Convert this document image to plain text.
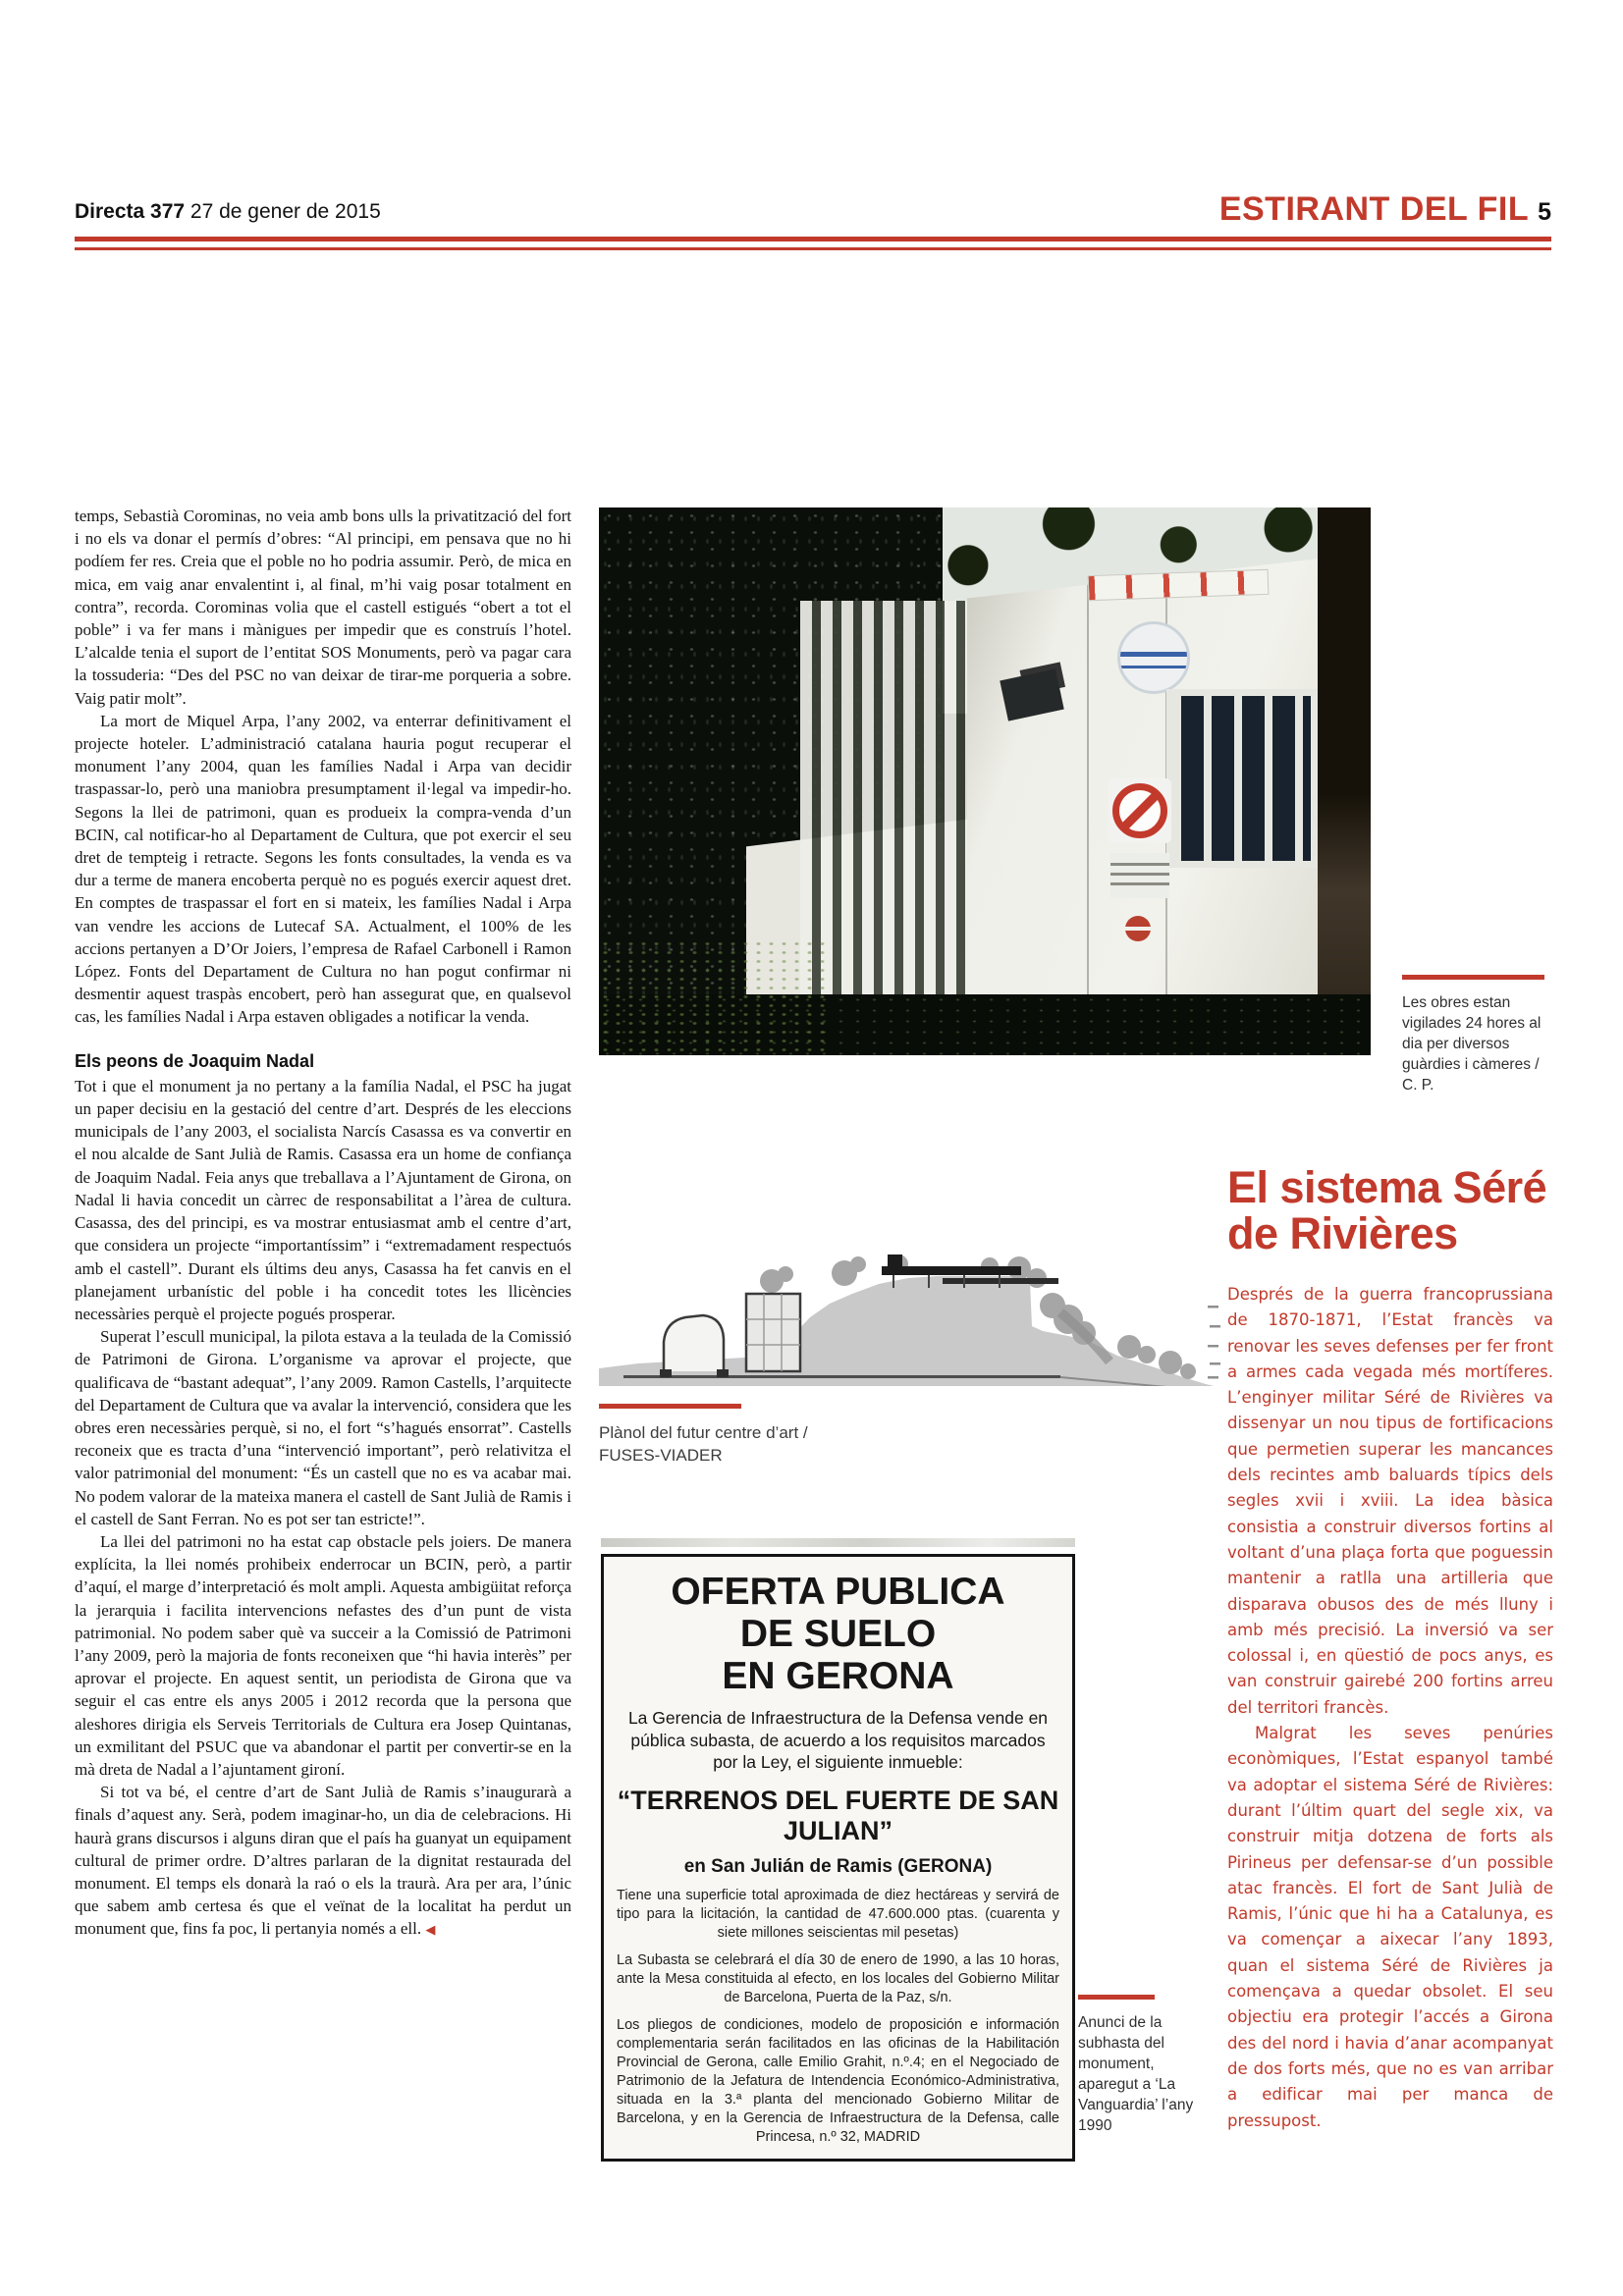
Directa 377 27 de gener de 2015	ESTIRANT DEL FIL 5

temps, Sebastià Corominas, no veia amb bons ulls la privatització del fort i no els va donar el permís d’obres: “Al principi, em pensava que no hi podíem fer res. Creia que el poble no ho podria assumir. Però, de mica en mica, em vaig anar envalentint i, al final, m’hi vaig posar totalment en contra”, recorda. Corominas volia que el castell estigués “obert a tot el poble” i va fer mans i mànigues per impedir que es construís l’hotel. L’alcalde tenia el suport de l’entitat SOS Monuments, però va pagar cara la tossuderia: “Des del PSC no van deixar de tirar-me porqueria a sobre. Vaig patir molt”.

La mort de Miquel Arpa, l’any 2002, va enterrar definitivament el projecte hoteler. L’administració catalana hauria pogut recuperar el monument l’any 2004, quan les famílies Nadal i Arpa van decidir traspassar-lo, però una maniobra presumptament il·legal va impedir-ho. Segons la llei de patrimoni, quan es produeix la compra-venda d’un BCIN, cal notificar-ho al Departament de Cultura, que pot exercir el seu dret de tempteig i retracte. Segons les fonts consultades, la venda es va dur a terme de manera encoberta perquè no es pogués exercir aquest dret. En comptes de traspassar el fort en si mateix, les famílies Nadal i Arpa van vendre les accions de Lutecaf SA. Actualment, el 100% de les accions pertanyen a D’Or Joiers, l’empresa de Rafael Carbonell i Ramon López. Fonts del Departament de Cultura no han pogut confirmar ni desmentir aquest traspàs encobert, però han assegurat que, en qualsevol cas, les famílies Nadal i Arpa estaven obligades a notificar la venda.

Els peons de Joaquim Nadal

Tot i que el monument ja no pertany a la família Nadal, el PSC ha jugat un paper decisiu en la gestació del centre d’art. Després de les eleccions municipals de l’any 2003, el socialista Narcís Casassa es va convertir en el nou alcalde de Sant Julià de Ramis. Casassa era un home de confiança de Joaquim Nadal. Feia anys que treballava a l’Ajuntament de Girona, on Nadal li havia concedit un càrrec de responsabilitat a l’àrea de cultura. Casassa, des del principi, es va mostrar entusiasmat amb el centre d’art, que considera un projecte “importantíssim” i “extremadament respectuós amb el castell”. Durant els últims deu anys, Casassa ha fet canvis en el planejament urbanístic del poble i ha concedit totes les llicències necessàries perquè el projecte pogués prosperar.

Superat l’escull municipal, la pilota estava a la teulada de la Comissió de Patrimoni de Girona. L’organisme va aprovar el projecte, que qualificava de “bastant adequat”, l’any 2009. Ramon Castells, l’arquitecte del Departament de Cultura que va avalar la intervenció, considera que les obres eren necessàries perquè, si no, el fort “s’hagués ensorrat”. Castells reconeix que es tracta d’una “intervenció important”, però relativitza el valor patrimonial del monument: “És un castell que no es va acabar mai. No podem valorar de la mateixa manera el castell de Sant Julià de Ramis i el castell de Sant Ferran. No es pot ser tan estricte!”.

La llei del patrimoni no ha estat cap obstacle pels joiers. De manera explícita, la llei només prohibeix enderrocar un BCIN, però, a partir d’aquí, el marge d’interpretació és molt ampli. Aquesta ambigüitat reforça la jerarquia i facilita intervencions nefastes des d’un punt de vista patrimonial. No podem saber què va succeir a la Comissió de Patrimoni l’any 2009, però la majoria de fonts reconeixen que “hi havia interès” per aprovar el projecte. En aquest sentit, un periodista de Girona que va seguir el cas entre els anys 2005 i 2012 recorda que la persona que aleshores dirigia els Serveis Territorials de Cultura era Josep Quintanas, un exmilitant del PSUC que va abandonar el partit per convertir-se en la mà dreta de Nadal a l’ajuntament gironí.

Si tot va bé, el centre d’art de Sant Julià de Ramis s’inaugurarà a finals d’aquest any. Serà, podem imaginar-ho, un dia de celebracions. Hi haurà grans discursos i alguns diran que el país ha guanyat un equipament cultural de primer ordre. D’altres parlaran de la dignitat restaurada del monument. El temps els donarà la raó o els la traurà. Ara per ara, l’únic que sabem amb certesa és que el veïnat de la localitat ha perdut un monument que, fins fa poc, li pertanyia només a ell. ◀

Les obres estan vigilades 24 hores al dia per diversos guàrdies i càmeres / C. P.
Plànol del futur centre d’art / FUSES-VIADER
OFERTA PUBLICA
DE SUELO
EN GERONA
La Gerencia de Infraestructura de la Defensa vende en pública subasta, de acuerdo a los requisitos marcados por la Ley, el siguiente inmueble:
“TERRENOS DEL FUERTE DE SAN JULIAN”
en San Julián de Ramis (GERONA)
Tiene una superficie total aproximada de diez hectáreas y servirá de tipo para la licitación, la cantidad de 47.600.000 ptas. (cuarenta y siete millones seiscientas mil pesetas)
La Subasta se celebrará el día 30 de enero de 1990, a las 10 horas, ante la Mesa constituida al efecto, en los locales del Gobierno Militar de Barcelona, Puerta de la Paz, s/n.
Los pliegos de condiciones, modelo de proposición e información complementaria serán facilitados en las oficinas de la Habilitación Provincial de Gerona, calle Emilio Grahit, n.º.4; en el Negociado de Patrimonio de la Jefatura de Intendencia Económico-Administrativa, situada en la 3.ª planta del mencionado Gobierno Militar de Barcelona, y en la Gerencia de Infraestructura de la Defensa, calle Princesa, n.º 32, MADRID
Anunci de la subhasta del monument, aparegut a ‘La Vanguardia’ l’any 1990
El sistema Séré de Rivières

Després de la guerra francoprussiana de 1870-1871, l’Estat francès va renovar les seves defenses per fer front a armes cada vegada més mortíferes. L’enginyer militar Séré de Rivières va dissenyar un nou tipus de fortificacions que permetien superar les mancances dels recintes amb baluards típics dels segles xvii i xviii. La idea bàsica consistia a construir diversos fortins al voltant d’una plaça forta que poguessin mantenir a ratlla una artilleria que disparava obusos des de més lluny i amb més precisió. La inversió va ser colossal i, en qüestió de pocs anys, es van construir gairebé 200 fortins arreu del territori francès.

Malgrat les seves penúries econòmiques, l’Estat espanyol també va adoptar el sistema Séré de Rivières: durant l’últim quart del segle xix, va construir mitja dotzena de forts als Pirineus per defensar-se d’un possible atac francès. El fort de Sant Julià de Ramis, l’únic que hi ha a Catalunya, es va començar a aixecar l’any 1893, quan el sistema Séré de Rivières ja començava a quedar obsolet. El seu objectiu era protegir l’accés a Girona des del nord i havia d’anar acompanyat de dos forts més, que no es van arribar a edificar mai per manca de pressupost.
